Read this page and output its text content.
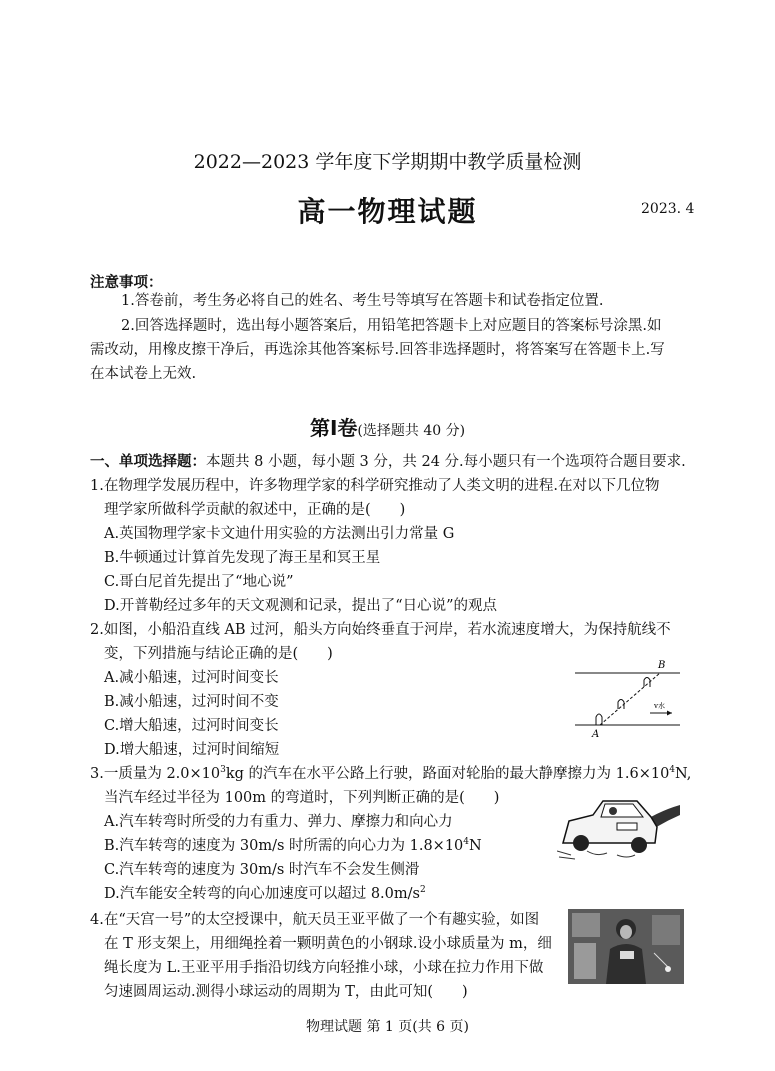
2022—2023 学年度下学期期中教学质量检测
高一物理试题	2023. 4
注意事项：
1.答卷前，考生务必将自己的姓名、考生号等填写在答题卡和试卷指定位置.
2.回答选择题时，选出每小题答案后，用铅笔把答题卡上对应题目的答案标号涂黑.如
需改动，用橡皮擦干净后，再选涂其他答案标号.回答非选择题时，将答案写在答题卡上.写
在本试卷上无效.
第Ⅰ卷(选择题共 40 分)
一、单项选择题：本题共 8 小题，每小题 3 分，共 24 分.每小题只有一个选项符合题目要求.
1.在物理学发展历程中，许多物理学家的科学研究推动了人类文明的进程.在对以下几位物
理学家所做科学贡献的叙述中，正确的是(　　)
A.英国物理学家卡文迪什用实验的方法测出引力常量 G
B.牛顿通过计算首先发现了海王星和冥王星
C.哥白尼首先提出了“地心说”
D.开普勒经过多年的天文观测和记录，提出了“日心说”的观点
2.如图，小船沿直线 AB 过河，船头方向始终垂直于河岸，若水流速度增大，为保持航线不
变，下列措施与结论正确的是(　　)
A.减小船速，过河时间变长
B.减小船速，过河时间不变
C.增大船速，过河时间变长
D.增大船速，过河时间缩短
B
A
v水
3.一质量为 $2.0\times 10^3kg$ 的汽车在水平公路上行驶，路面对轮胎的最大静摩擦力为 $1.6\times 10^4N$,
当汽车经过半径为 100m 的弯道时，下列判断正确的是(　　)
A.汽车转弯时所受的力有重力、弹力、摩擦力和向心力
B.汽车转弯的速度为 30m/s 时所需的向心力为 $1.8\times 10^4N$
C.汽车转弯的速度为 30m/s 时汽车不会发生侧滑
D.汽车能安全转弯的向心加速度可以超过 $8.0m/s^2$
4.在“天宫一号”的太空授课中，航天员王亚平做了一个有趣实验，如图
在 T 形支架上，用细绳拴着一颗明黄色的小钢球.设小球质量为 m，细
绳长度为 L.王亚平用手指沿切线方向轻推小球，小球在拉力作用下做
匀速圆周运动.测得小球运动的周期为 T，由此可知(　　)
物理试题 第 1 页(共 6 页)
